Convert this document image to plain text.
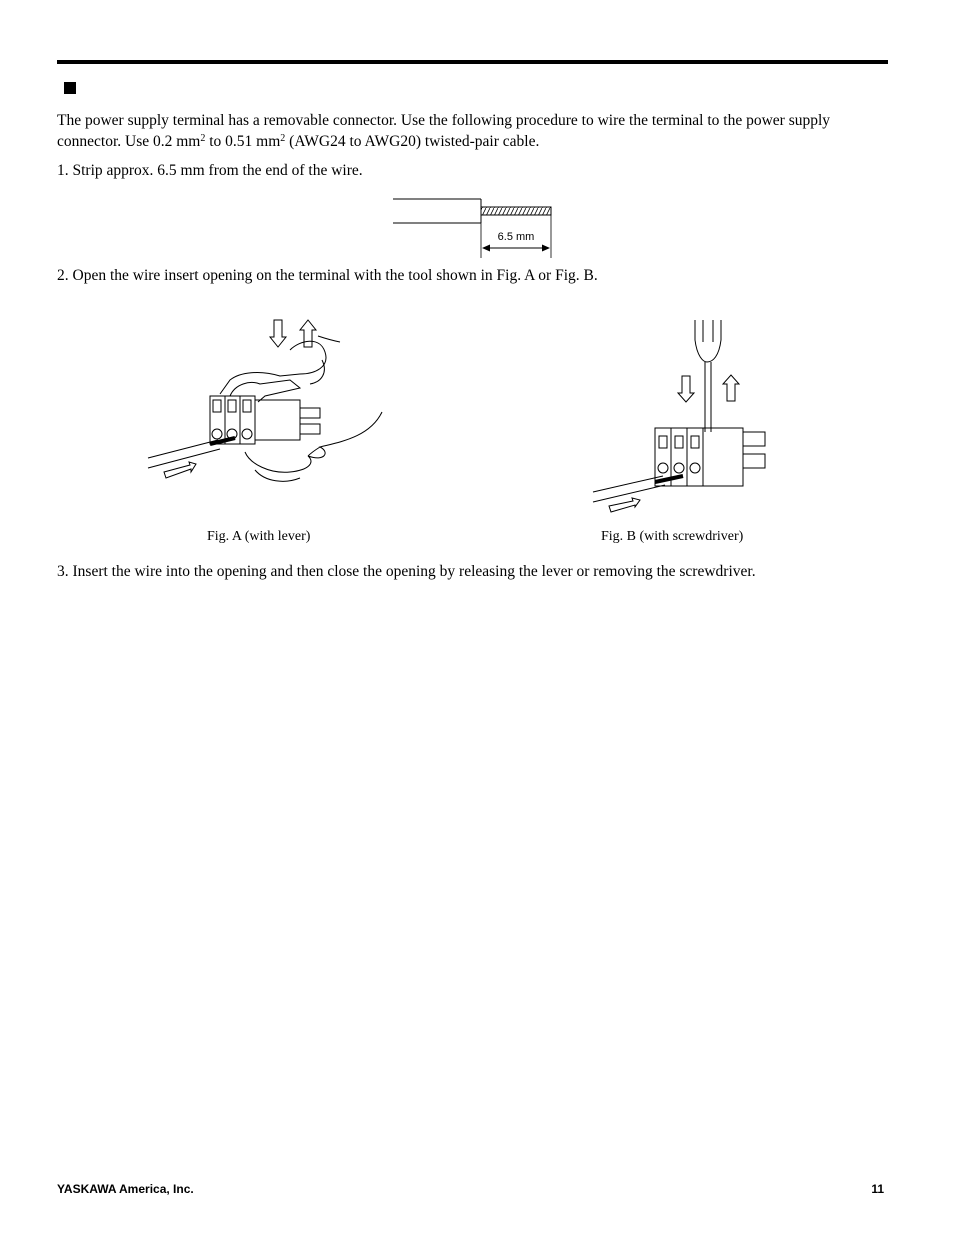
The power supply terminal has a removable connector. Use the following procedure to wire the terminal to the power supply connector. Use 0.2 $mm^2$ to 0.51 $mm^2$ (AWG24 to AWG20) twisted-pair cable.

1. Strip approx. 6.5 mm from the end of the wire.

6.5 mm

2. Open the wire insert opening on the terminal with the tool shown in Fig. A or Fig. B.

Fig. A (with lever)	Fig. B (with screwdriver)

3. Insert the wire into the opening and then close the opening by releasing the lever or removing the screwdriver.

YASKAWA America, Inc.	11
